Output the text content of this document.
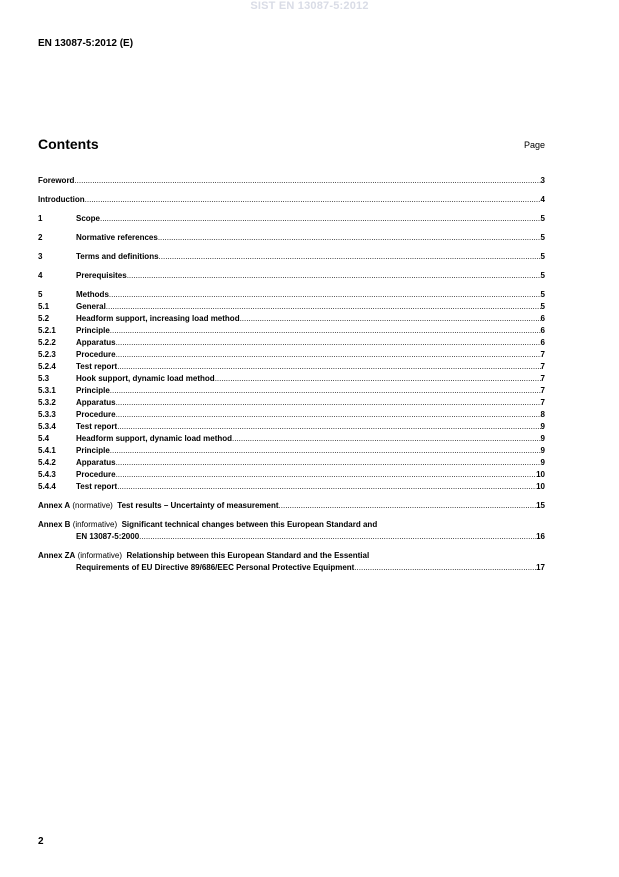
SIST EN 13087-5:2012
EN 13087-5:2012 (E)
Contents	Page
Foreword .....	3
Introduction .....	4
1	Scope .....	5
2	Normative references .....	5
3	Terms and definitions .....	5
4	Prerequisites .....	5
5	Methods .....	5
5.1	General .....	5
5.2	Headform support, increasing load method .....	6
5.2.1	Principle .....	6
5.2.2	Apparatus .....	6
5.2.3	Procedure .....	7
5.2.4	Test report .....	7
5.3	Hook support, dynamic load method .....	7
5.3.1	Principle .....	7
5.3.2	Apparatus .....	7
5.3.3	Procedure .....	8
5.3.4	Test report .....	9
5.4	Headform support, dynamic load method .....	9
5.4.1	Principle .....	9
5.4.2	Apparatus .....	9
5.4.3	Procedure .....	10
5.4.4	Test report .....	10
Annex A (normative) Test results – Uncertainty of measurement .....	15
Annex B (informative) Significant technical changes between this European Standard and
EN 13087-5:2000 .....	16
Annex ZA (informative) Relationship between this European Standard and the Essential
Requirements of EU Directive 89/686/EEC Personal Protective Equipment .....	17
2
